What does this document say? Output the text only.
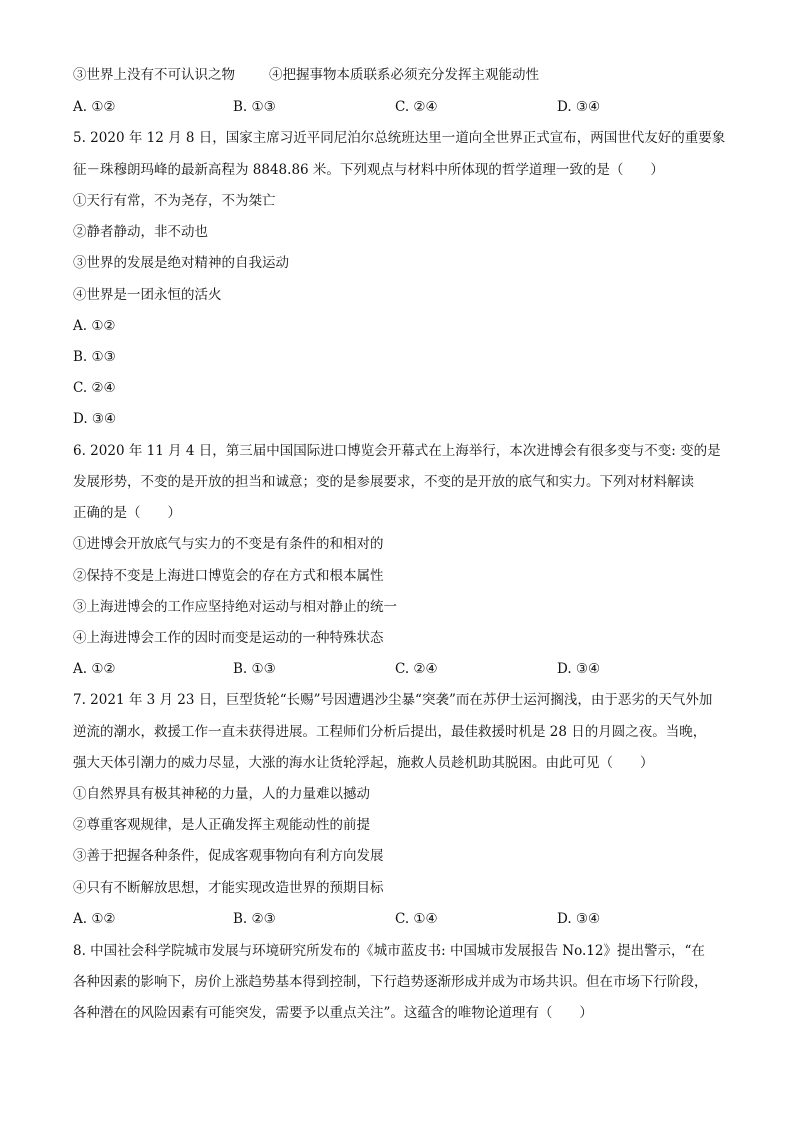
③世界上没有不可认识之物	④把握事物本质联系必须充分发挥主观能动性
A. ①②	B. ①③	C. ②④	D. ③④
5. 2020 年 12 月 8 日，国家主席习近平同尼泊尔总统班达里一道向全世界正式宣布，两国世代友好的重要象
征－珠穆朗玛峰的最新高程为 8848.86 米。下列观点与材料中所体现的哲学道理一致的是（　　）
①天行有常，不为尧存，不为桀亡
②静者静动，非不动也
③世界的发展是绝对精神的自我运动
④世界是一团永恒的活火
A. ①②
B. ①③
C. ②④
D. ③④
6. 2020 年 11 月 4 日，第三届中国国际进口博览会开幕式在上海举行，本次进博会有很多变与不变: 变的是
发展形势，不变的是开放的担当和诚意；变的是参展要求，不变的是开放的底气和实力。下列对材料解读
正确的是（　　）
①进博会开放底气与实力的不变是有条件的和相对的
②保持不变是上海进口博览会的存在方式和根本属性
③上海进博会的工作应坚持绝对运动与相对静止的统一
④上海进博会工作的因时而变是运动的一种特殊状态
A. ①②	B. ①③	C. ②④	D. ③④
7. 2021 年 3 月 23 日，巨型货轮“长赐”号因遭遇沙尘暴“突袭”而在苏伊士运河搁浅，由于恶劣的天气外加
逆流的潮水，救援工作一直未获得进展。工程师们分析后提出，最佳救援时机是 28 日的月圆之夜。当晚，
强大天体引潮力的威力尽显，大涨的海水让货轮浮起，施救人员趁机助其脱困。由此可见（　　）
①自然界具有极其神秘的力量，人的力量难以撼动
②尊重客观规律，是人正确发挥主观能动性的前提
③善于把握各种条件，促成客观事物向有利方向发展
④只有不断解放思想，才能实现改造世界的预期目标
A. ①②	B. ②③	C. ①④	D. ③④
8. 中国社会科学院城市发展与环境研究所发布的《城市蓝皮书: 中国城市发展报告 No.12》提出警示，“在
各种因素的影响下，房价上涨趋势基本得到控制，下行趋势逐渐形成并成为市场共识。但在市场下行阶段，
各种潜在的风险因素有可能突发，需要予以重点关注”。这蕴含的唯物论道理有（　　）
